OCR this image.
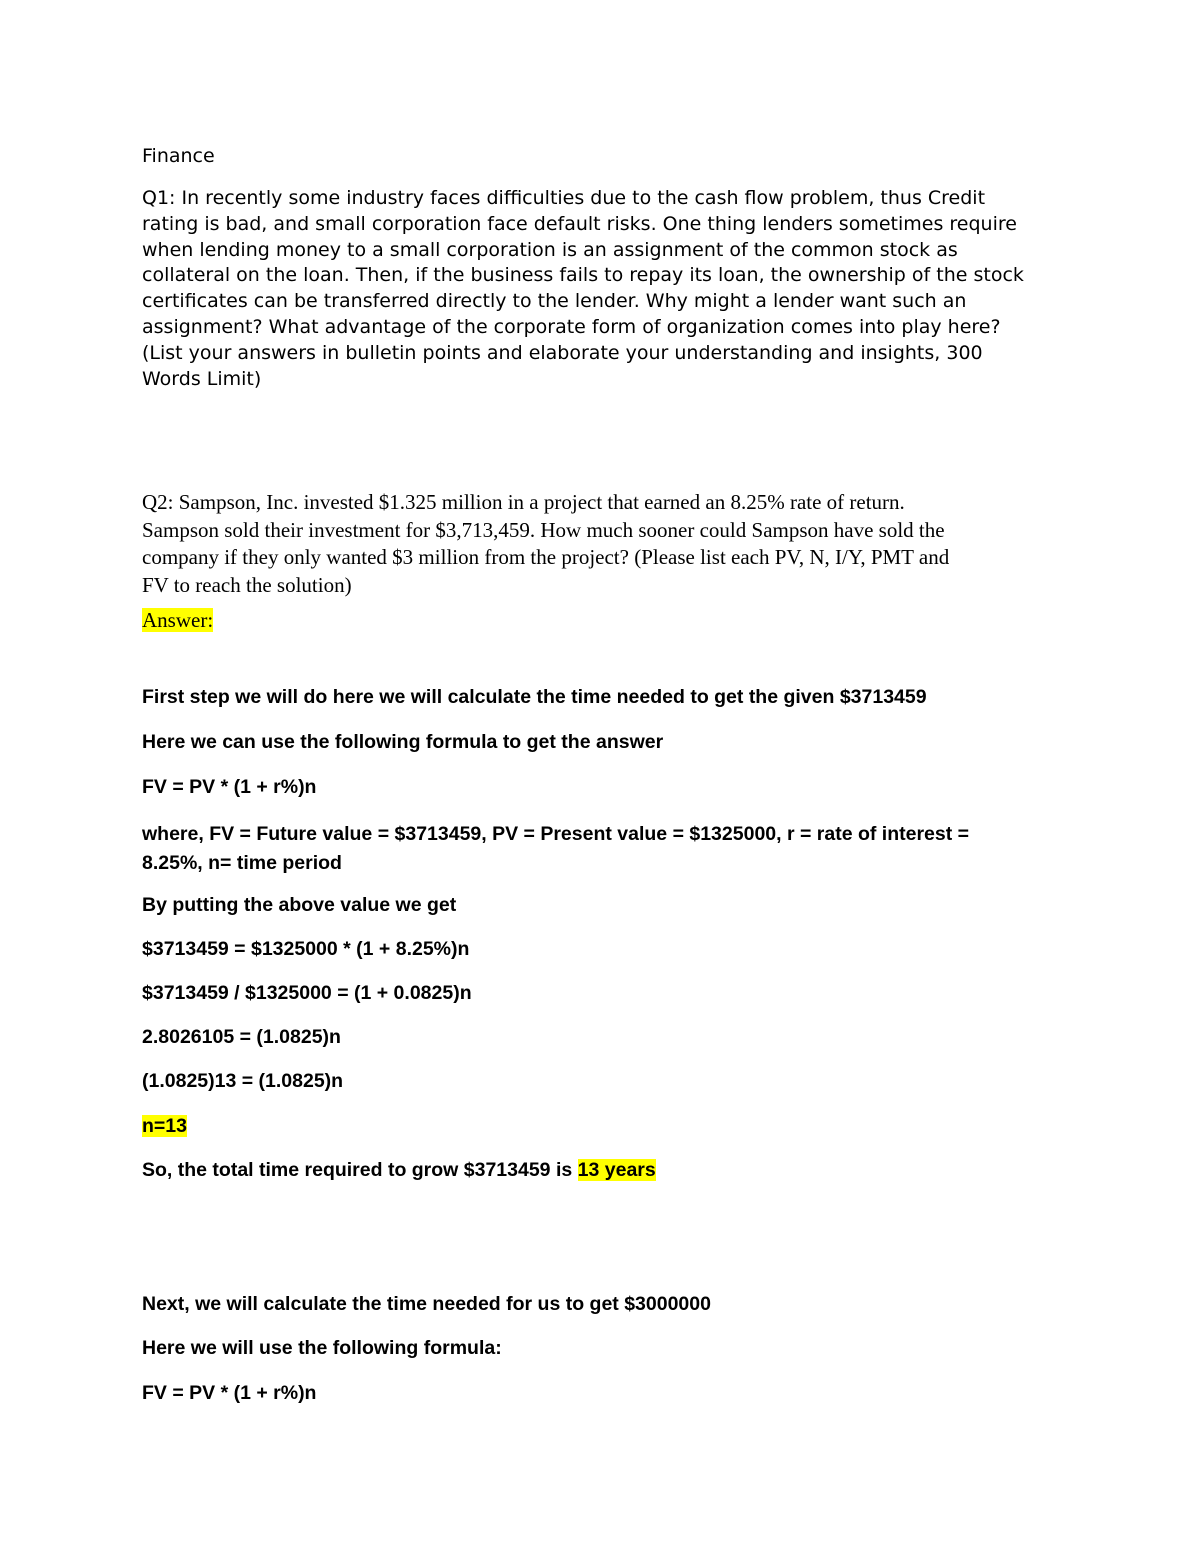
Finance

Q1: In recently some industry faces difficulties due to the cash flow problem, thus Credit
rating is bad, and small corporation face default risks. One thing lenders sometimes require
when lending money to a small corporation is an assignment of the common stock as
collateral on the loan. Then, if the business fails to repay its loan, the ownership of the stock
certificates can be transferred directly to the lender. Why might a lender want such an
assignment? What advantage of the corporate form of organization comes into play here?
(List your answers in bulletin points and elaborate your understanding and insights, 300
Words Limit)
Q2: Sampson, Inc. invested $1.325 million in a project that earned an 8.25% rate of return.
Sampson sold their investment for $3,713,459. How much sooner could Sampson have sold the
company if they only wanted $3 million from the project? (Please list each PV, N, I/Y, PMT and
FV to reach the solution)

Answer:

First step we will do here we will calculate the time needed to get the given $3713459

Here we can use the following formula to get the answer

FV = PV * (1 + r%)n

where, FV = Future value = $3713459, PV = Present value = $1325000, r = rate of interest =
8.25%, n= time period

By putting the above value we get

$3713459 = $1325000 * (1 + 8.25%)n

$3713459 / $1325000 = (1 + 0.0825)n

2.8026105 = (1.0825)n

(1.0825)13 = (1.0825)n

n=13

So, the total time required to grow $3713459 is 13 years

Next, we will calculate the time needed for us to get $3000000

Here we will use the following formula:

FV = PV * (1 + r%)n
